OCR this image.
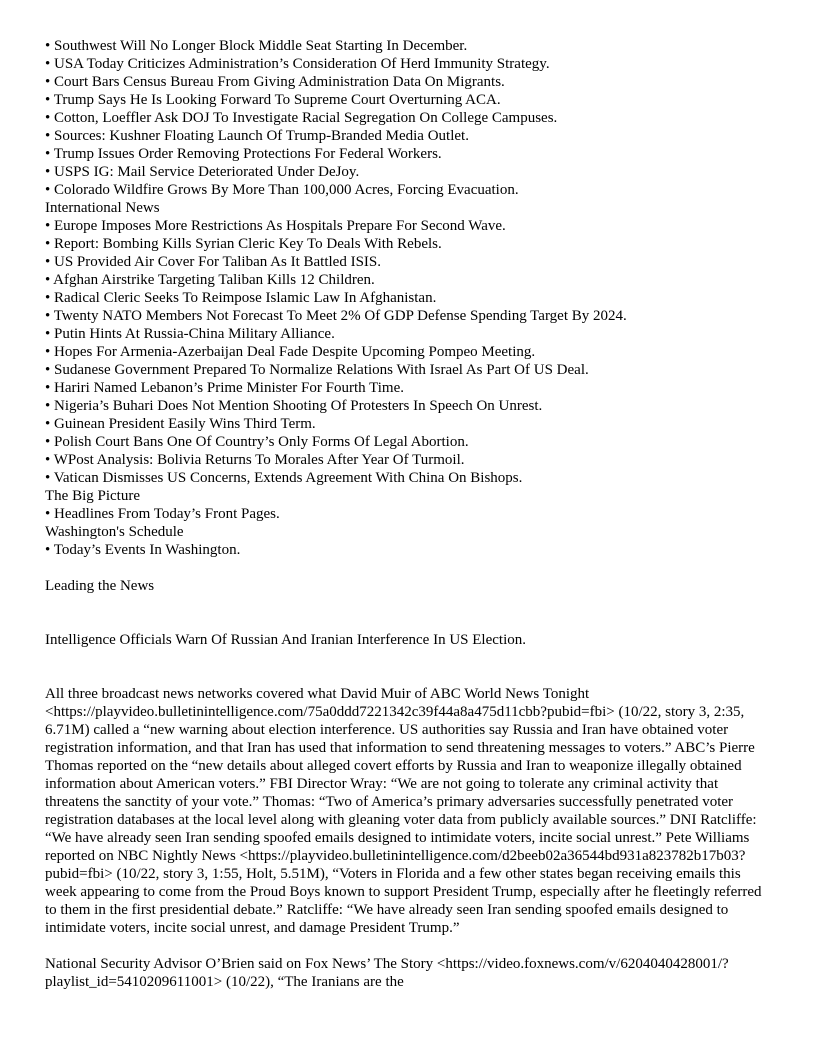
• Southwest Will No Longer Block Middle Seat Starting In December.
• USA Today Criticizes Administration’s Consideration Of Herd Immunity Strategy.
• Court Bars Census Bureau From Giving Administration Data On Migrants.
• Trump Says He Is Looking Forward To Supreme Court Overturning ACA.
• Cotton, Loeffler Ask DOJ To Investigate Racial Segregation On College Campuses.
• Sources: Kushner Floating Launch Of Trump-Branded Media Outlet.
• Trump Issues Order Removing Protections For Federal Workers.
• USPS IG: Mail Service Deteriorated Under DeJoy.
• Colorado Wildfire Grows By More Than 100,000 Acres, Forcing Evacuation.
International News
• Europe Imposes More Restrictions As Hospitals Prepare For Second Wave.
• Report: Bombing Kills Syrian Cleric Key To Deals With Rebels.
• US Provided Air Cover For Taliban As It Battled ISIS.
• Afghan Airstrike Targeting Taliban Kills 12 Children.
• Radical Cleric Seeks To Reimpose Islamic Law In Afghanistan.
• Twenty NATO Members Not Forecast To Meet 2% Of GDP Defense Spending Target By 2024.
• Putin Hints At Russia-China Military Alliance.
• Hopes For Armenia-Azerbaijan Deal Fade Despite Upcoming Pompeo Meeting.
• Sudanese Government Prepared To Normalize Relations With Israel As Part Of US Deal.
• Hariri Named Lebanon’s Prime Minister For Fourth Time.
• Nigeria’s Buhari Does Not Mention Shooting Of Protesters In Speech On Unrest.
• Guinean President Easily Wins Third Term.
• Polish Court Bans One Of Country’s Only Forms Of Legal Abortion.
• WPost Analysis: Bolivia Returns To Morales After Year Of Turmoil.
• Vatican Dismisses US Concerns, Extends Agreement With China On Bishops.
The Big Picture
• Headlines From Today’s Front Pages.
Washington's Schedule
• Today’s Events In Washington.
Leading the News
Intelligence Officials Warn Of Russian And Iranian Interference In US Election.

All three broadcast news networks covered what David Muir of ABC World News Tonight <https://playvideo.bulletinintelligence.com/75a0ddd7221342c39f44a8a475d11cbb?pubid=fbi> (10/22, story 3, 2:35, 6.71M) called a “new warning about election interference. US authorities say Russia and Iran have obtained voter registration information, and that Iran has used that information to send threatening messages to voters.” ABC’s Pierre Thomas reported on the “new details about alleged covert efforts by Russia and Iran to weaponize illegally obtained information about American voters.” FBI Director Wray: “We are not going to tolerate any criminal activity that threatens the sanctity of your vote.” Thomas: “Two of America’s primary adversaries successfully penetrated voter registration databases at the local level along with gleaning voter data from publicly available sources.” DNI Ratcliffe: “We have already seen Iran sending spoofed emails designed to intimidate voters, incite social unrest.” Pete Williams reported on NBC Nightly News <https://playvideo.bulletinintelligence.com/d2beeb02a36544bd931a823782b17b03?pubid=fbi> (10/22, story 3, 1:55, Holt, 5.51M), “Voters in Florida and a few other states began receiving emails this week appearing to come from the Proud Boys known to support President Trump, especially after he fleetingly referred to them in the first presidential debate.” Ratcliffe: “We have already seen Iran sending spoofed emails designed to intimidate voters, incite social unrest, and damage President Trump.”

National Security Advisor O’Brien said on Fox News’ The Story <https://video.foxnews.com/v/6204040428001/?playlist_id=5410209611001> (10/22), “The Iranians are the
